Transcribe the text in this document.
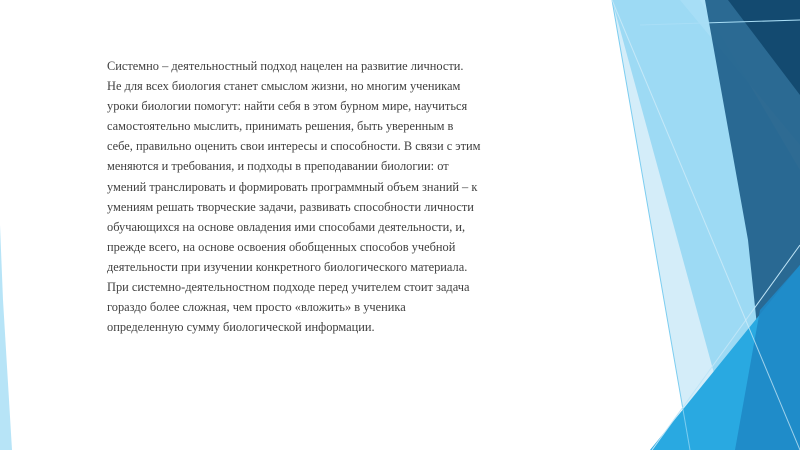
Системно – деятельностный подход нацелен на развитие личности.
Не для всех биология станет смыслом жизни, но многим ученикам
уроки биологии помогут: найти себя в этом бурном мире, научиться
самостоятельно мыслить, принимать решения, быть уверенным в
себе, правильно оценить свои интересы и способности. В связи с этим
меняются и требования, и подходы в преподавании биологии: от
умений транслировать и формировать программный объем знаний – к
умениям решать творческие задачи, развивать способности личности
обучающихся на основе овладения ими способами деятельности, и,
прежде всего, на основе освоения обобщенных способов учебной
деятельности при изучении конкретного биологического материала.
При системно-деятельностном подходе перед учителем стоит задача
гораздо более сложная, чем просто «вложить» в ученика
определенную сумму биологической информации.
